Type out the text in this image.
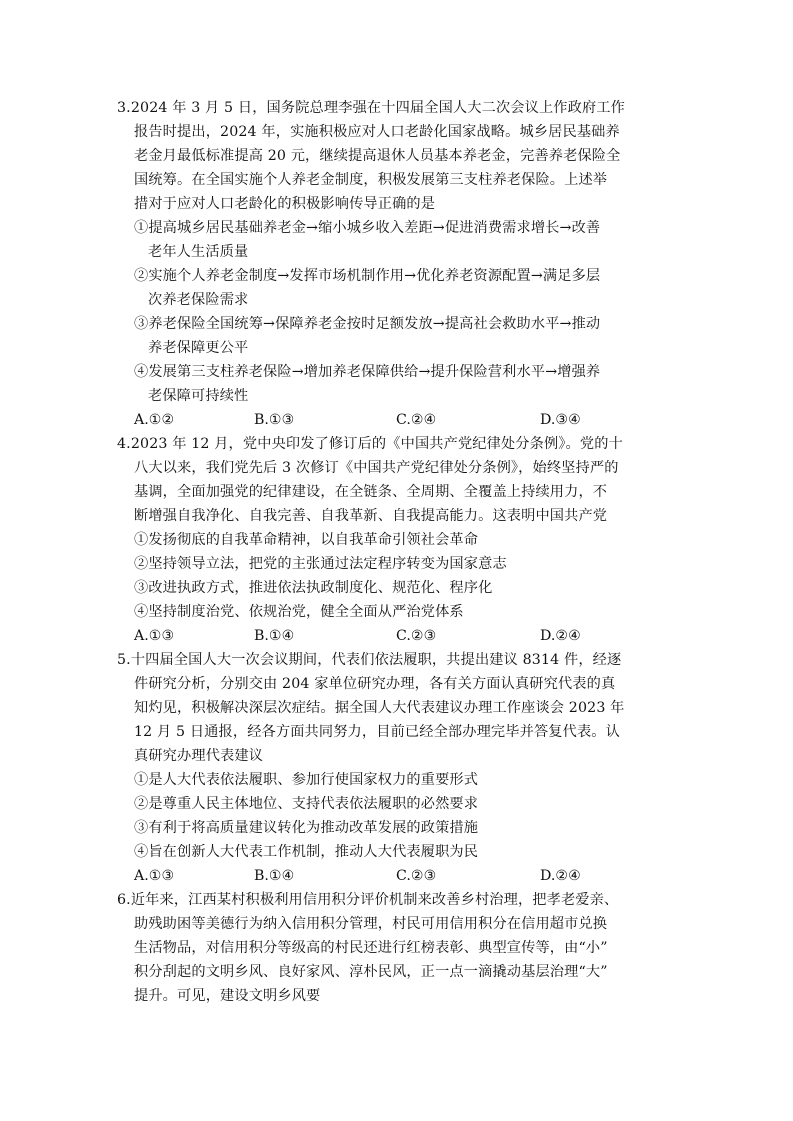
3.2024 年 3 月 5 日，国务院总理李强在十四届全国人大二次会议上作政府工作
报告时提出，2024 年，实施积极应对人口老龄化国家战略。城乡居民基础养
老金月最低标准提高 20 元，继续提高退休人员基本养老金，完善养老保险全
国统筹。在全国实施个人养老金制度，积极发展第三支柱养老保险。上述举
措对于应对人口老龄化的积极影响传导正确的是
①提高城乡居民基础养老金→缩小城乡收入差距→促进消费需求增长→改善
老年人生活质量
②实施个人养老金制度→发挥市场机制作用→优化养老资源配置→满足多层
次养老保险需求
③养老保险全国统筹→保障养老金按时足额发放→提高社会救助水平→推动
养老保障更公平
④发展第三支柱养老保险→增加养老保障供给→提升保险营利水平→增强养
老保障可持续性
A.①②	B.①③	C.②④	D.③④
4.2023 年 12 月，党中央印发了修订后的《中国共产党纪律处分条例》。党的十
八大以来，我们党先后 3 次修订《中国共产党纪律处分条例》，始终坚持严的
基调，全面加强党的纪律建设，在全链条、全周期、全覆盖上持续用力，不
断增强自我净化、自我完善、自我革新、自我提高能力。这表明中国共产党
①发扬彻底的自我革命精神，以自我革命引领社会革命
②坚持领导立法，把党的主张通过法定程序转变为国家意志
③改进执政方式，推进依法执政制度化、规范化、程序化
④坚持制度治党、依规治党，健全全面从严治党体系
A.①③	B.①④	C.②③	D.②④
5.十四届全国人大一次会议期间，代表们依法履职，共提出建议 8314 件，经逐
件研究分析，分别交由 204 家单位研究办理，各有关方面认真研究代表的真
知灼见，积极解决深层次症结。据全国人大代表建议办理工作座谈会 2023 年
12 月 5 日通报，经各方面共同努力，目前已经全部办理完毕并答复代表。认
真研究办理代表建议
①是人大代表依法履职、参加行使国家权力的重要形式
②是尊重人民主体地位、支持代表依法履职的必然要求
③有利于将高质量建议转化为推动改革发展的政策措施
④旨在创新人大代表工作机制，推动人大代表履职为民
A.①③	B.①④	C.②③	D.②④
6.近年来，江西某村积极利用信用积分评价机制来改善乡村治理，把孝老爱亲、
助残助困等美德行为纳入信用积分管理，村民可用信用积分在信用超市兑换
生活物品，对信用积分等级高的村民还进行红榜表彰、典型宣传等，由“小”
积分刮起的文明乡风、良好家风、淳朴民风，正一点一滴撬动基层治理“大”
提升。可见，建设文明乡风要
